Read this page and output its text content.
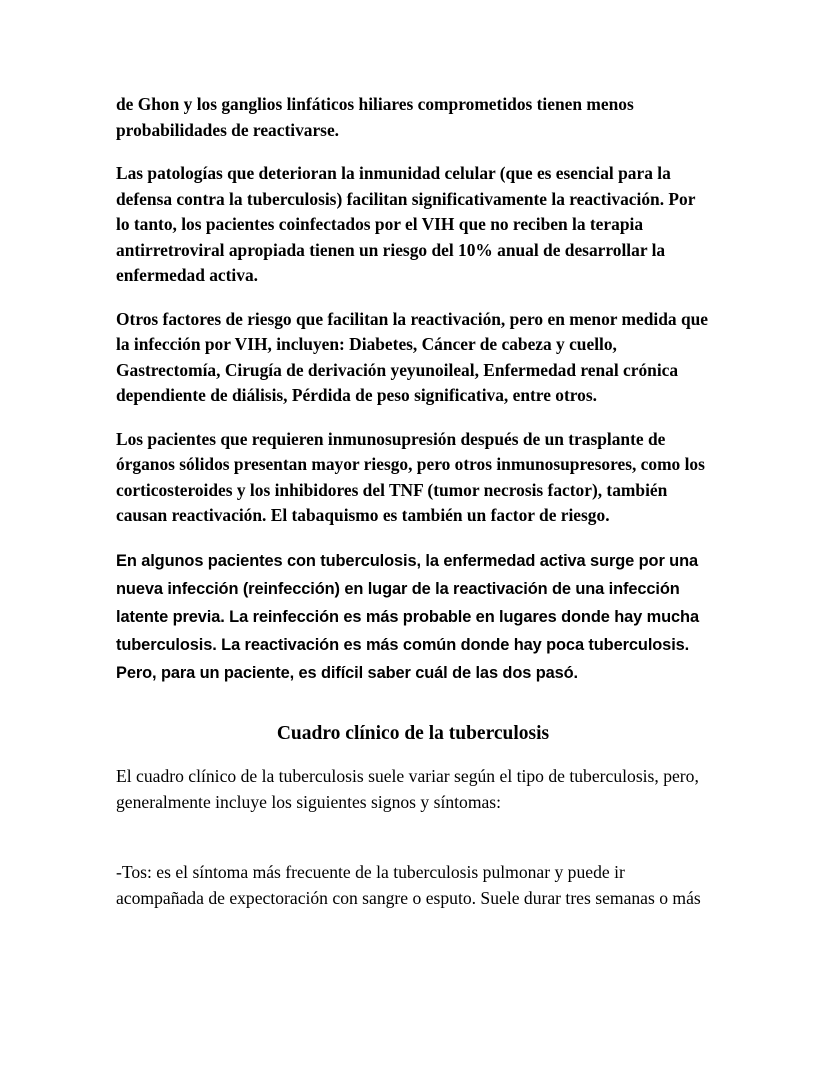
de Ghon y los ganglios linfáticos hiliares comprometidos tienen menos probabilidades de reactivarse.

Las patologías que deterioran la inmunidad celular (que es esencial para la defensa contra la tuberculosis) facilitan significativamente la reactivación. Por lo tanto, los pacientes coinfectados por el VIH que no reciben la terapia antirretroviral apropiada tienen un riesgo del 10% anual de desarrollar la enfermedad activa.

Otros factores de riesgo que facilitan la reactivación, pero en menor medida que la infección por VIH, incluyen: Diabetes, Cáncer de cabeza y cuello, Gastrectomía, Cirugía de derivación yeyunoileal, Enfermedad renal crónica dependiente de diálisis, Pérdida de peso significativa, entre otros.

Los pacientes que requieren inmunosupresión después de un trasplante de órganos sólidos presentan mayor riesgo, pero otros inmunosupresores, como los corticosteroides y los inhibidores del TNF (tumor necrosis factor), también causan reactivación. El tabaquismo es también un factor de riesgo.

En algunos pacientes con tuberculosis, la enfermedad activa surge por una nueva infección (reinfección) en lugar de la reactivación de una infección latente previa. La reinfección es más probable en lugares donde hay mucha tuberculosis. La reactivación es más común donde hay poca tuberculosis. Pero, para un paciente, es difícil saber cuál de las dos pasó.

Cuadro clínico de la tuberculosis

El cuadro clínico de la tuberculosis suele variar según el tipo de tuberculosis, pero, generalmente incluye los siguientes signos y síntomas:

-Tos: es el síntoma más frecuente de la tuberculosis pulmonar y puede ir acompañada de expectoración con sangre o esputo. Suele durar tres semanas o más
